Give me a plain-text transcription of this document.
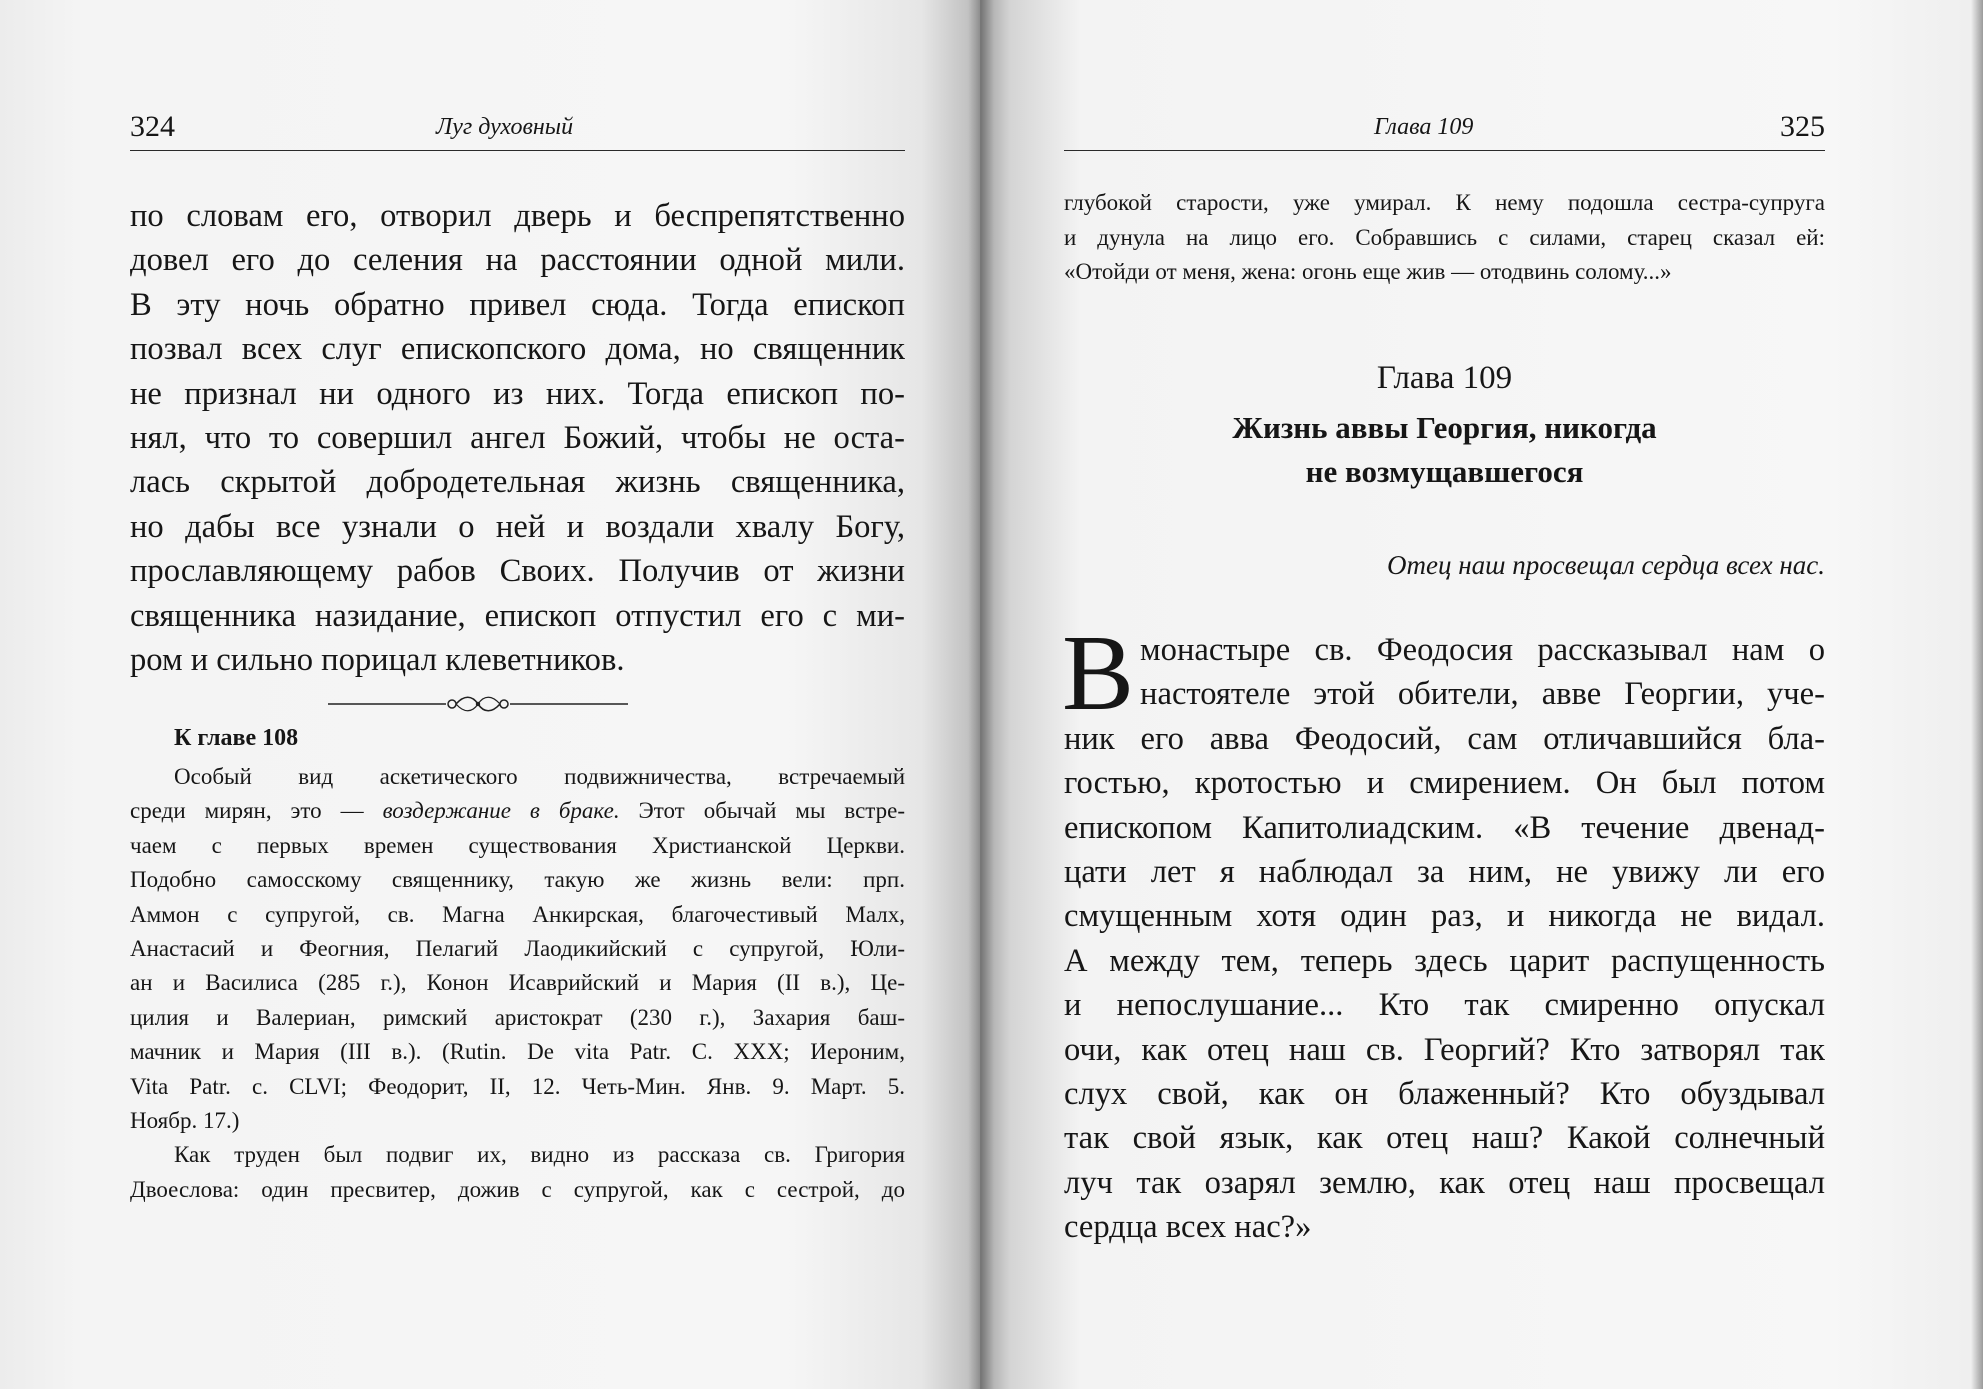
324	Луг духовный
по словам его, отворил дверь и беспрепятственно
довел его до селения на расстоянии одной мили.
В эту ночь обратно привел сюда. Тогда епископ
позвал всех слуг епископского дома, но священник
не признал ни одного из них. Тогда епископ по-
нял, что то совершил ангел Божий, чтобы не оста-
лась скрытой добродетельная жизнь священника,
но дабы все узнали о ней и воздали хвалу Богу,
прославляющему рабов Своих. Получив от жизни
священника назидание, епископ отпустил его с ми-
ром и сильно порицал клеветников.
К главе 108
Особый вид аскетического подвижничества, встречаемый
среди мирян, это — воздержание в браке. Этот обычай мы встре-
чаем с первых времен существования Христианской Церкви.
Подобно самосскому священнику, такую же жизнь вели: прп.
Аммон с супругой, св. Магна Анкирская, благочестивый Малх,
Анастасий и Феогния, Пелагий Лаодикийский с супругой, Юли-
ан и Василиса (285 г.), Конон Исаврийский и Мария (II в.), Це-
цилия и Валериан, римский аристократ (230 г.), Захария баш-
мачник и Мария (III в.). (Rutin. De vita Patr. C. XXX; Иероним,
Vita Patr. c. CLVI; Феодорит, II, 12. Четь-Мин. Янв. 9. Март. 5.
Ноябр. 17.)
Как труден был подвиг их, видно из рассказа св. Григория
Двоеслова: один пресвитер, дожив с супругой, как с сестрой, до
Глава 109	325
глубокой старости, уже умирал. К нему подошла сестра-супруга
и дунула на лицо его. Собравшись с силами, старец сказал ей:
«Отойди от меня, жена: огонь еще жив — отодвинь солому...»
Глава 109
Жизнь аввы Георгия, никогда
не возмущавшегося
Отец наш просвещал сердца всех нас.
В монастыре св. Феодосия рассказывал нам о
настоятеле этой обители, авве Георгии, уче-
ник его авва Феодосий, сам отличавшийся бла-
гостью, кротостью и смирением. Он был потом
епископом Капитолиадским. «В течение двенад-
цати лет я наблюдал за ним, не увижу ли его
смущенным хотя один раз, и никогда не видал.
А между тем, теперь здесь царит распущенность
и непослушание... Кто так смиренно опускал
очи, как отец наш св. Георгий? Кто затворял так
слух свой, как он блаженный? Кто обуздывал
так свой язык, как отец наш? Какой солнечный
луч так озарял землю, как отец наш просвещал
сердца всех нас?»
